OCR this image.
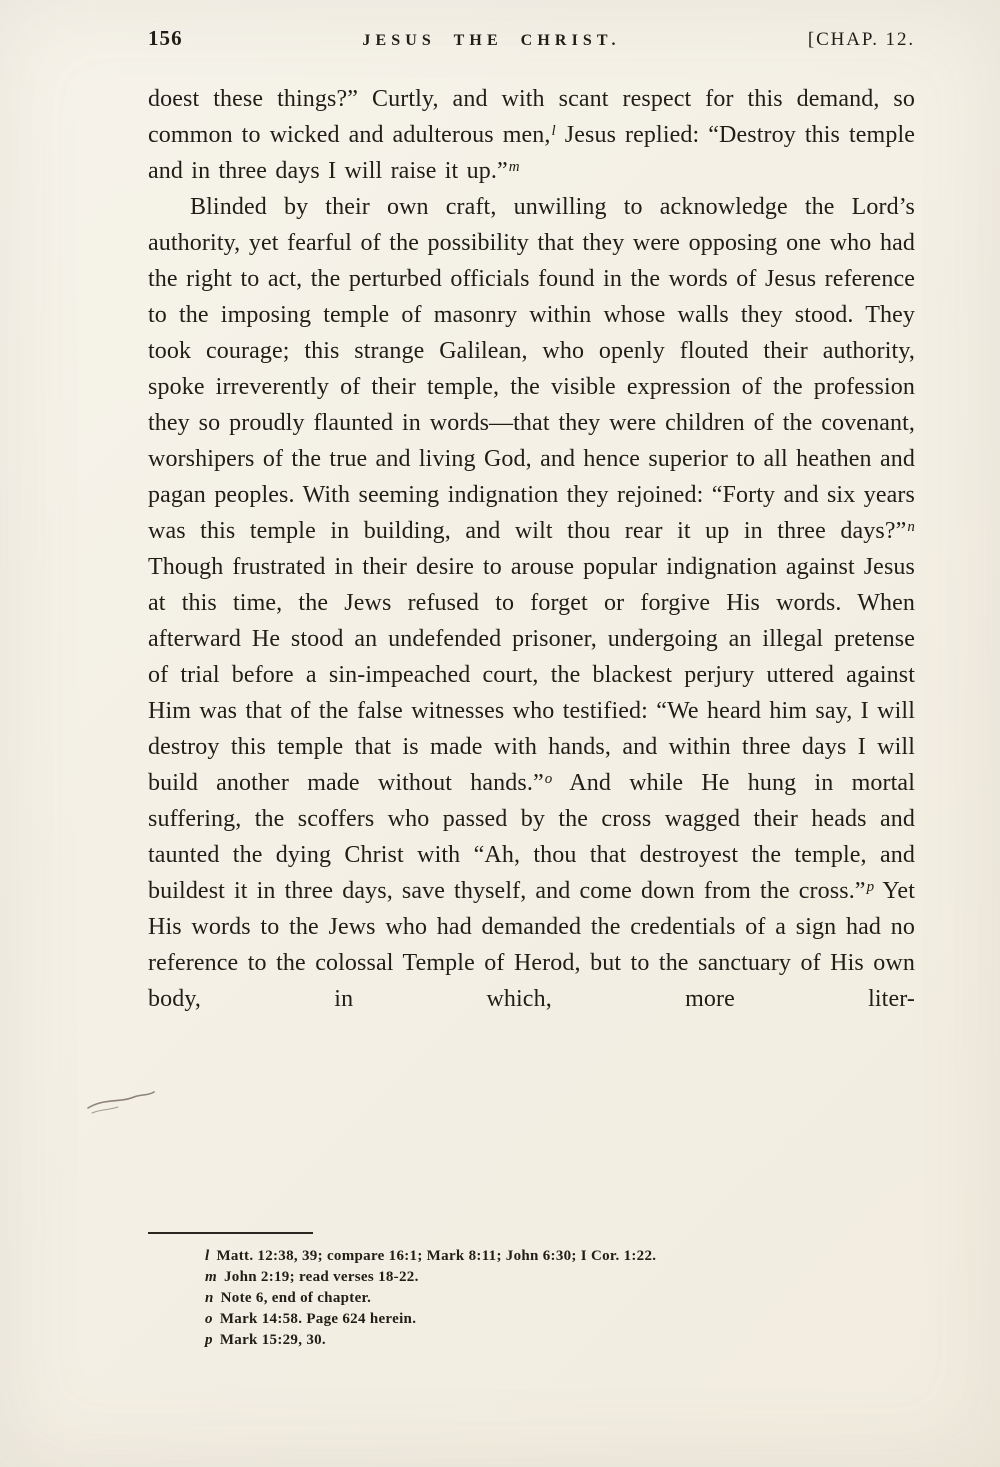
156	JESUS THE CHRIST.	[CHAP. 12.

doest these things?” Curtly, and with scant respect for this demand, so common to wicked and adulterous men,$^l$ Jesus replied: “Destroy this temple and in three days I will raise it up.”$^m$

Blinded by their own craft, unwilling to acknowledge the Lord’s authority, yet fearful of the possibility that they were opposing one who had the right to act, the perturbed officials found in the words of Jesus reference to the imposing temple of masonry within whose walls they stood. They took courage; this strange Galilean, who openly flouted their authority, spoke irreverently of their temple, the visible expression of the profession they so proudly flaunted in words—that they were children of the covenant, worshipers of the true and living God, and hence superior to all heathen and pagan peoples. With seeming indignation they rejoined: “Forty and six years was this temple in building, and wilt thou rear it up in three days?”$^n$ Though frustrated in their desire to arouse popular indignation against Jesus at this time, the Jews refused to forget or forgive His words. When afterward He stood an undefended prisoner, undergoing an illegal pretense of trial before a sin-impeached court, the blackest perjury uttered against Him was that of the false witnesses who testified: “We heard him say, I will destroy this temple that is made with hands, and within three days I will build another made without hands.”$^o$ And while He hung in mortal suffering, the scoffers who passed by the cross wagged their heads and taunted the dying Christ with “Ah, thou that destroyest the temple, and buildest it in three days, save thyself, and come down from the cross.”$^p$ Yet His words to the Jews who had demanded the credentials of a sign had no reference to the colossal Temple of Herod, but to the sanctuary of His own body, in which, more liter-

l Matt. 12:38, 39; compare 16:1; Mark 8:11; John 6:30; I Cor. 1:22.
m John 2:19; read verses 18-22.
n Note 6, end of chapter.
o Mark 14:58. Page 624 herein.
p Mark 15:29, 30.
